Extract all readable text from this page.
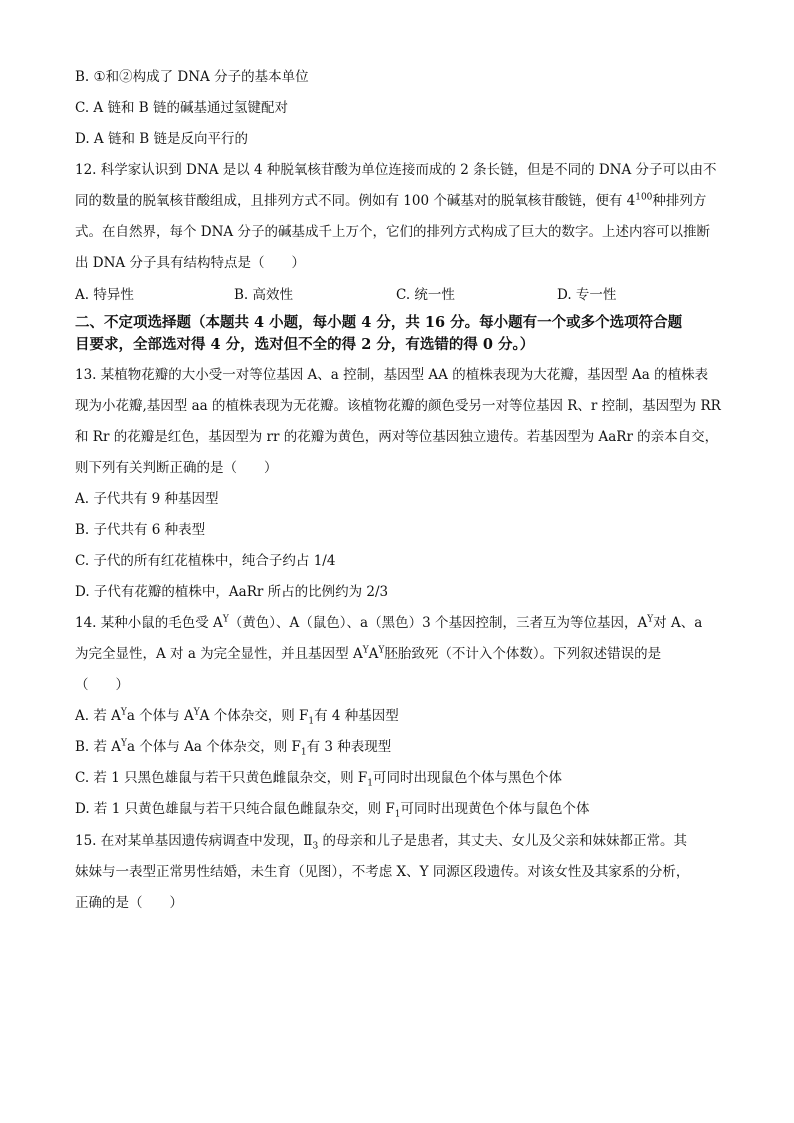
B. ①和②构成了 DNA 分子的基本单位
C. A 链和 B 链的碱基通过氢键配对
D. A 链和 B 链是反向平行的
12. 科学家认识到 DNA 是以 4 种脱氧核苷酸为单位连接而成的 2 条长链，但是不同的 DNA 分子可以由不
同的数量的脱氧核苷酸组成，且排列方式不同。例如有 100 个碱基对的脱氧核苷酸链，便有 $4^{100}$种排列方
式。在自然界，每个 DNA 分子的碱基成千上万个，它们的排列方式构成了巨大的数字。上述内容可以推断
出 DNA 分子具有结构特点是（　　）
A. 特异性	B. 高效性	C. 统一性	D. 专一性
二、不定项选择题（本题共 4 小题，每小题 4 分，共 16 分。每小题有一个或多个选项符合题
目要求，全部选对得 4 分，选对但不全的得 2 分，有选错的得 0 分。）
13. 某植物花瓣的大小受一对等位基因 A、a 控制，基因型 AA 的植株表现为大花瓣，基因型 Aa 的植株表
现为小花瓣,基因型 aa 的植株表现为无花瓣。该植物花瓣的颜色受另一对等位基因 R、r 控制，基因型为 RR
和 Rr 的花瓣是红色，基因型为 rr 的花瓣为黄色，两对等位基因独立遗传。若基因型为 AaRr 的亲本自交，
则下列有关判断正确的是（　　）
A. 子代共有 9 种基因型
B. 子代共有 6 种表型
C. 子代的所有红花植株中，纯合子约占 1/4
D. 子代有花瓣的植株中，AaRr 所占的比例约为 2/3
14. 某种小鼠的毛色受 $A^Y$（黄色）、A（鼠色）、a（黑色）3 个基因控制，三者互为等位基因，$A^Y$对 A、a
为完全显性，A 对 a 为完全显性，并且基因型 $A^YA^Y$胚胎致死（不计入个体数）。下列叙述错误的是
（　　）
A. 若 $A^Ya$ 个体与 $A^YA$ 个体杂交，则 $F_1$有 4 种基因型
B. 若 $A^Ya$ 个体与 Aa 个体杂交，则 $F_1$有 3 种表现型
C. 若 1 只黑色雄鼠与若干只黄色雌鼠杂交，则 $F_1$可同时出现鼠色个体与黑色个体
D. 若 1 只黄色雄鼠与若干只纯合鼠色雌鼠杂交，则 $F_1$可同时出现黄色个体与鼠色个体
15. 在对某单基因遗传病调查中发现，$Ⅱ_3$ 的母亲和儿子是患者，其丈夫、女儿及父亲和妹妹都正常。其
妹妹与一表型正常男性结婚，未生育（见图），不考虑 X、Y 同源区段遗传。对该女性及其家系的分析，
正确的是（　　）
